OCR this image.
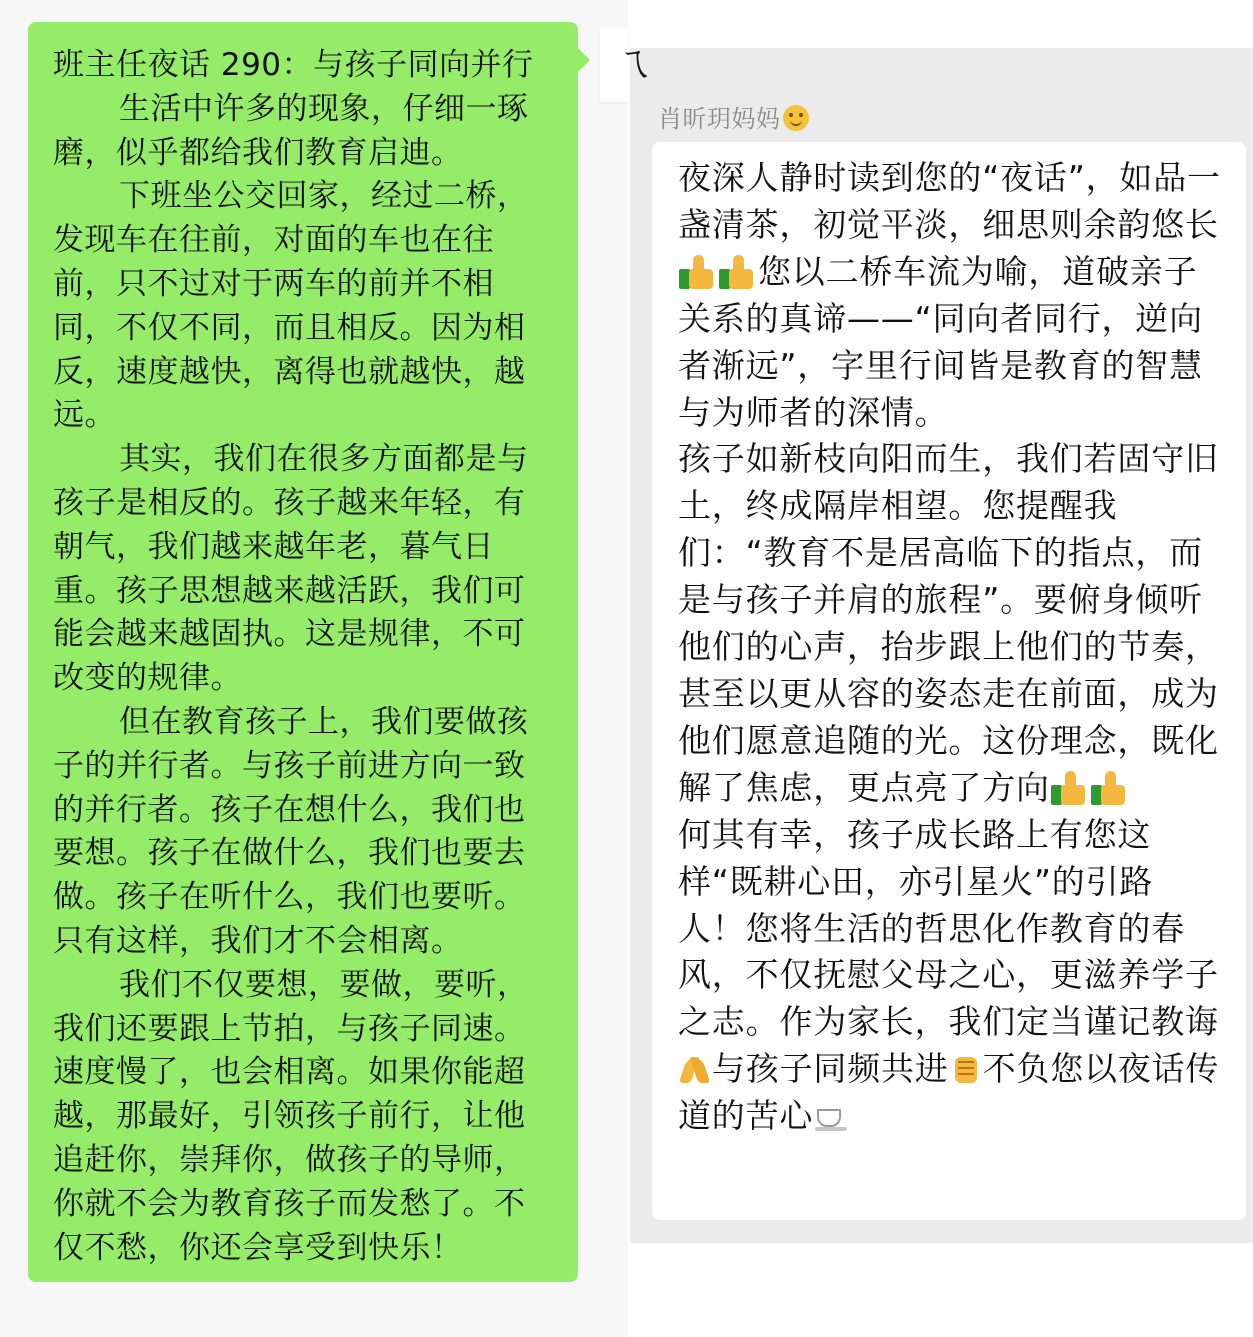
班主任夜话 290：与孩子同向并行

生活中许多的现象，仔细一琢磨，似乎都给我们教育启迪。

下班坐公交回家，经过二桥，发现车在往前，对面的车也在往前，只不过对于两车的前并不相同，不仅不同，而且相反。因为相反，速度越快，离得也就越快，越远。

其实，我们在很多方面都是与孩子是相反的。孩子越来年轻，有朝气，我们越来越年老，暮气日重。孩子思想越来越活跃，我们可能会越来越固执。这是规律，不可改变的规律。

但在教育孩子上，我们要做孩子的并行者。与孩子前进方向一致的并行者。孩子在想什么，我们也要想。孩子在做什么，我们也要去做。孩子在听什么，我们也要听。只有这样，我们才不会相离。

我们不仅要想，要做，要听，我们还要跟上节拍，与孩子同速。速度慢了，也会相离。如果你能超越，那最好，引领孩子前行，让他追赶你，崇拜你，做孩子的导师，你就不会为教育孩子而发愁了。不仅不愁，你还会享受到快乐！

ㄟ
肖昕玥妈妈

夜深人静时读到您的“夜话”，如品一盏清茶，初觉平淡，细思则余韵悠长
您以二桥车流为喻，道破亲子关系的真谛——“同向者同行，逆向者渐远”，字里行间皆是教育的智慧与为师者的深情。

孩子如新枝向阳而生，我们若固守旧土，终成隔岸相望。您提醒我们：“教育不是居高临下的指点，而是与孩子并肩的旅程”。要俯身倾听他们的心声，抬步跟上他们的节奏，甚至以更从容的姿态走在前面，成为他们愿意追随的光。这份理念，既化解了焦虑，更点亮了方向

何其有幸，孩子成长路上有您这样“既耕心田，亦引星火”的引路

人！您将生活的哲思化作教育的春风，不仅抚慰父母之心，更滋养学子之志。作为家长，我们定当谨记教诲与孩子同频共进 不负您以夜话传道的苦心
